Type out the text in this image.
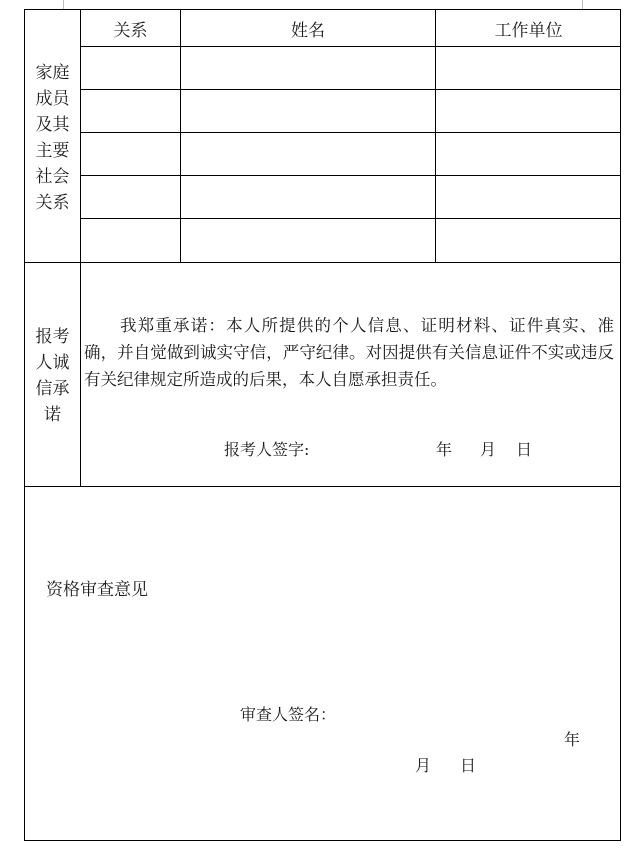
关系	姓名	工作单位
家庭
成员
及其
主要
社会
关系
报考
人诚
信承
诺
我郑重承诺：本人所提供的个人信息、证明材料、证件真实、准确，并自觉做到诚实守信，严守纪律。对因提供有关信息证件不实或违反有关纪律规定所造成的后果，本人自愿承担责任。
报考人签字:	年 月 日
资格审查意见
审查人签名：
年
月 日
